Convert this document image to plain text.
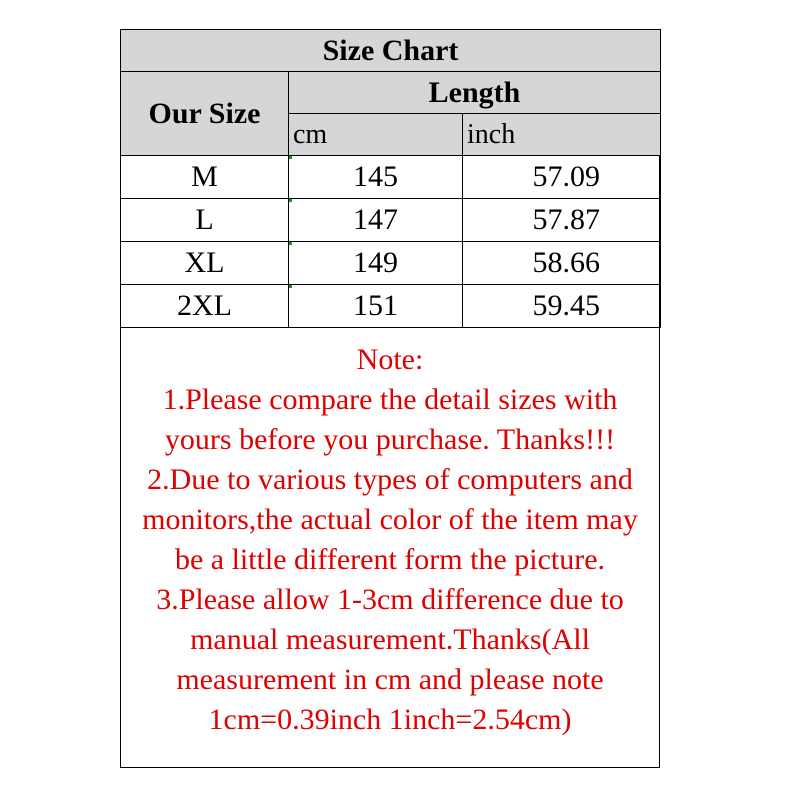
Size Chart		
Our Size	Length	
	cm	inch
M	145	57.09
L	147	57.87
XL	149	58.66
2XL	151	59.45
Note:
1.Please compare the detail sizes with
yours before you purchase. Thanks!!!
2.Due to various types of computers and
monitors,the actual color of the item may
be a little different form the picture.
3.Please allow 1-3cm difference due to
manual measurement.Thanks(All
measurement in cm and please note
1cm=0.39inch 1inch=2.54cm)
